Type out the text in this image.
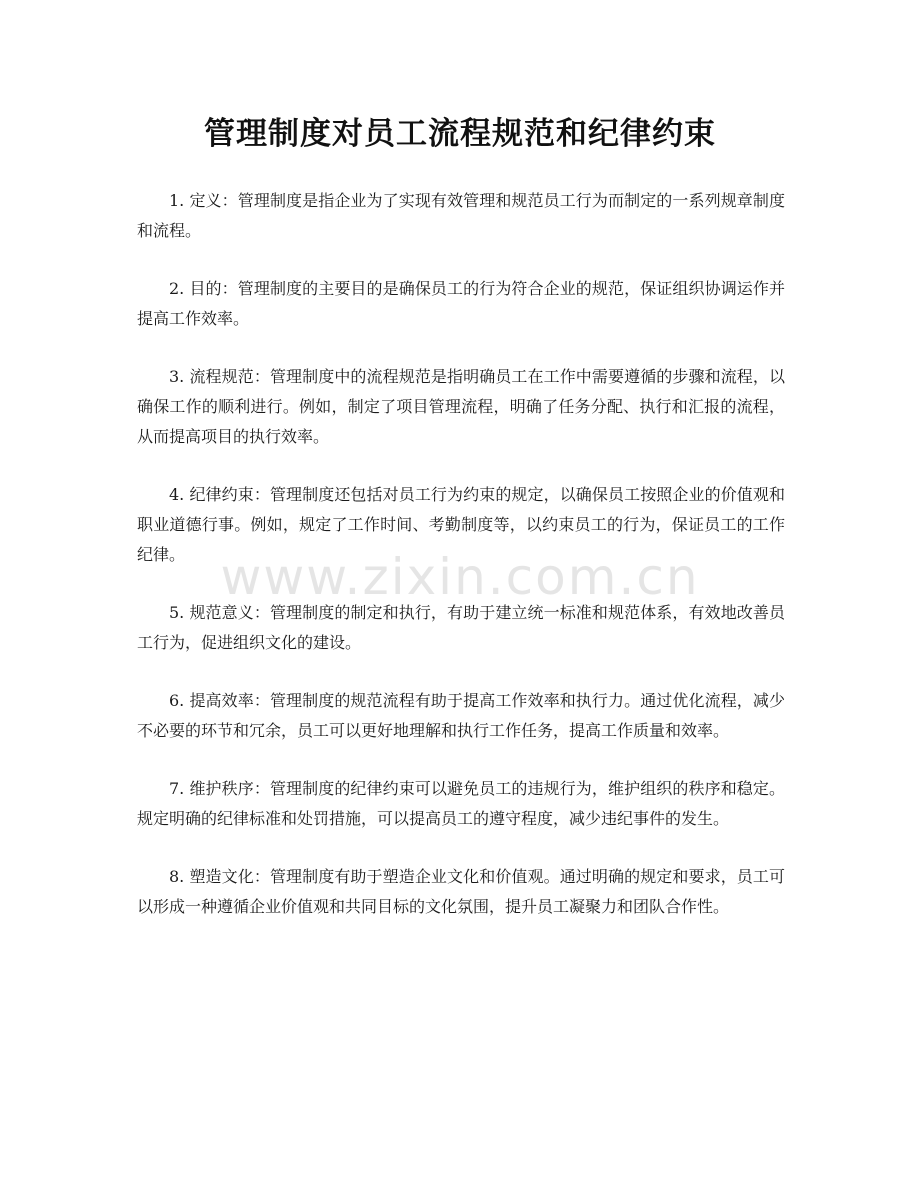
管理制度对员工流程规范和纪律约束

1. 定义：管理制度是指企业为了实现有效管理和规范员工行为而制定的一系列规章制度和流程。

2. 目的：管理制度的主要目的是确保员工的行为符合企业的规范，保证组织协调运作并提高工作效率。

3. 流程规范：管理制度中的流程规范是指明确员工在工作中需要遵循的步骤和流程，以确保工作的顺利进行。例如，制定了项目管理流程，明确了任务分配、执行和汇报的流程，从而提高项目的执行效率。

4. 纪律约束：管理制度还包括对员工行为约束的规定，以确保员工按照企业的价值观和职业道德行事。例如，规定了工作时间、考勤制度等，以约束员工的行为，保证员工的工作纪律。

5. 规范意义：管理制度的制定和执行，有助于建立统一标准和规范体系，有效地改善员工行为，促进组织文化的建设。

6. 提高效率：管理制度的规范流程有助于提高工作效率和执行力。通过优化流程，减少不必要的环节和冗余，员工可以更好地理解和执行工作任务，提高工作质量和效率。

7. 维护秩序：管理制度的纪律约束可以避免员工的违规行为，维护组织的秩序和稳定。规定明确的纪律标准和处罚措施，可以提高员工的遵守程度，减少违纪事件的发生。

8. 塑造文化：管理制度有助于塑造企业文化和价值观。通过明确的规定和要求，员工可以形成一种遵循企业价值观和共同目标的文化氛围，提升员工凝聚力和团队合作性。

www.zixin.com.cn
